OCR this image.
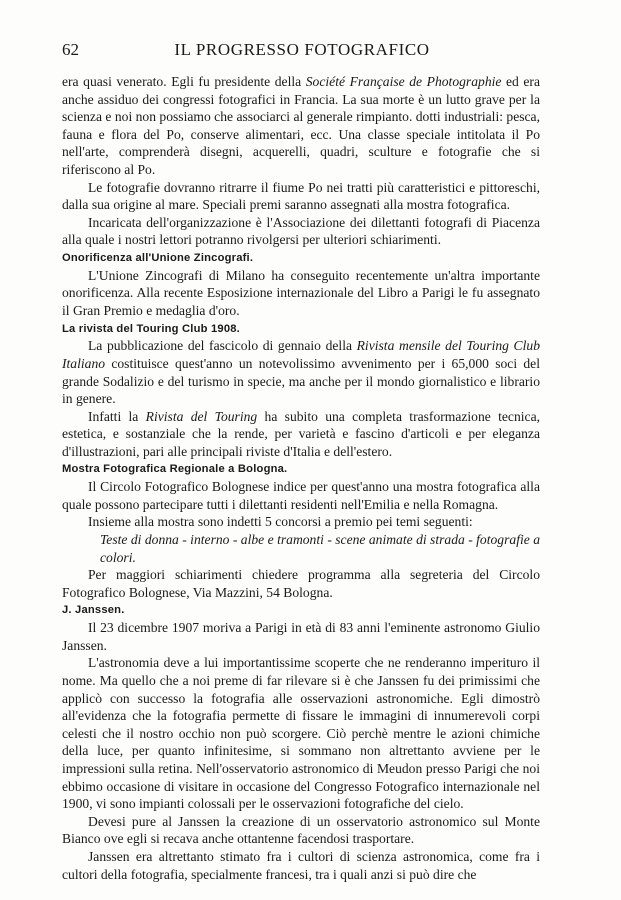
62	IL PROGRESSO FOTOGRAFICO

era quasi venerato. Egli fu presidente della Société Française de Photographie ed era anche assiduo dei congressi fotografici in Francia. La sua morte è un lutto grave per la scienza e noi non possiamo che associarci al generale rimpianto. dotti industriali: pesca, fauna e flora del Po, conserve alimentari, ecc. Una classe speciale intitolata il Po nell'arte, comprenderà disegni, acquerelli, quadri, sculture e fotografie che si riferiscono al Po.

Le fotografie dovranno ritrarre il fiume Po nei tratti più caratteristici e pittoreschi, dalla sua origine al mare. Speciali premi saranno assegnati alla mostra fotografica.

Incaricata dell'organizzazione è l'Associazione dei dilettanti fotografi di Piacenza alla quale i nostri lettori potranno rivolgersi per ulteriori schiarimenti.

Onorificenza all'Unione Zincografi.

L'Unione Zincografi di Milano ha conseguito recentemente un'altra importante onorificenza. Alla recente Esposizione internazionale del Libro a Parigi le fu assegnato il Gran Premio e medaglia d'oro.

La rivista del Touring Club 1908.

La pubblicazione del fascicolo di gennaio della Rivista mensile del Touring Club Italiano costituisce quest'anno un notevolissimo avvenimento per i 65,000 soci del grande Sodalizio e del turismo in specie, ma anche per il mondo giornalistico e librario in genere.

Infatti la Rivista del Touring ha subito una completa trasformazione tecnica, estetica, e sostanziale che la rende, per varietà e fascino d'articoli e per eleganza d'illustrazioni, pari alle principali riviste d'Italia e dell'estero.

Mostra Fotografica Regionale a Bologna.

Il Circolo Fotografico Bolognese indice per quest'anno una mostra fotografica alla quale possono partecipare tutti i dilettanti residenti nell'Emilia e nella Romagna.

Insieme alla mostra sono indetti 5 concorsi a premio pei temi seguenti:

Teste di donna - interno - albe e tramonti - scene animate di strada - fotografie a colori.

Per maggiori schiarimenti chiedere programma alla segreteria del Circolo Fotografico Bolognese, Via Mazzini, 54 Bologna.

J. Janssen.

Il 23 dicembre 1907 moriva a Parigi in età di 83 anni l'eminente astronomo Giulio Janssen.

L'astronomia deve a lui importantissime scoperte che ne renderanno imperituro il nome. Ma quello che a noi preme di far rilevare si è che Janssen fu dei primissimi che applicò con successo la fotografia alle osservazioni astronomiche. Egli dimostrò all'evidenza che la fotografia permette di fissare le immagini di innumerevoli corpi celesti che il nostro occhio non può scorgere. Ciò perchè mentre le azioni chimiche della luce, per quanto infinitesime, si sommano non altrettanto avviene per le impressioni sulla retina. Nell'osservatorio astronomico di Meudon presso Parigi che noi ebbimo occasione di visitare in occasione del Congresso Fotografico internazionale nel 1900, vi sono impianti colossali per le osservazioni fotografiche del cielo.

Devesi pure al Janssen la creazione di un osservatorio astronomico sul Monte Bianco ove egli si recava anche ottantenne facendosi trasportare.

Janssen era altrettanto stimato fra i cultori di scienza astronomica, come fra i cultori della fotografia, specialmente francesi, tra i quali anzi si può dire che
